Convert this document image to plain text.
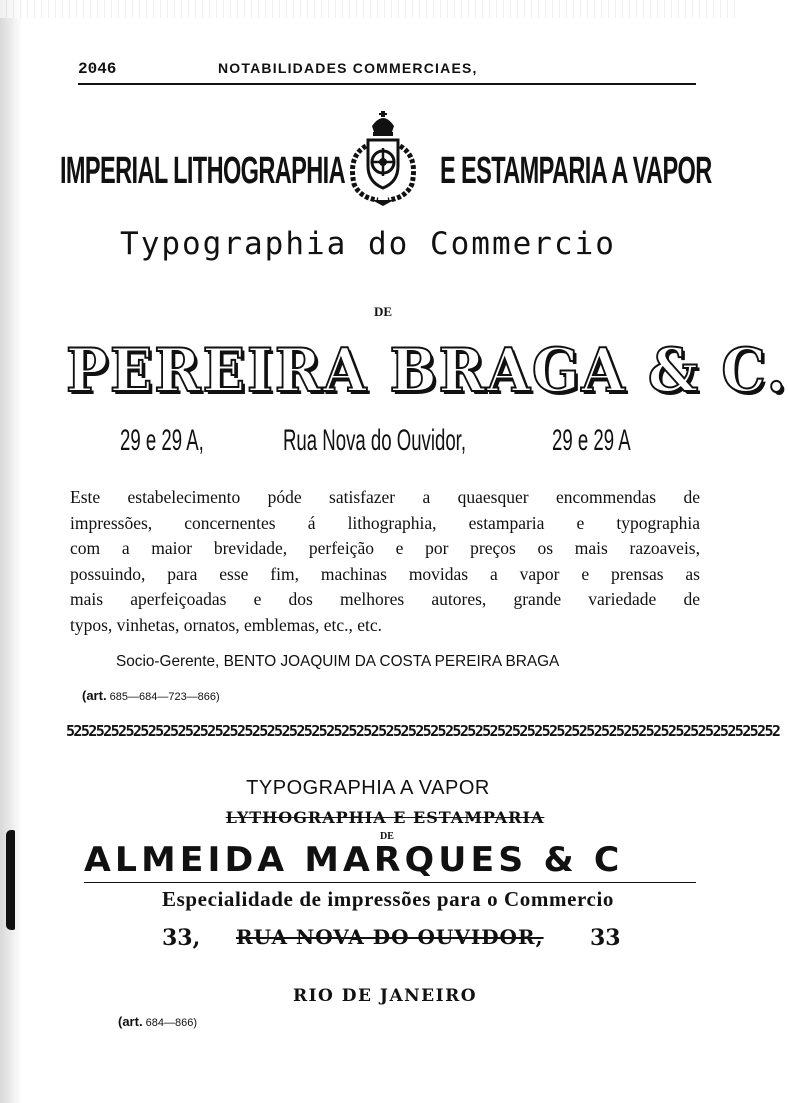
2046	NOTABILIDADES COMMERCIAES,
IMPERIAL LITHOGRAPHIA	E ESTAMPARIA A VAPOR
Typographia do Commercio
DE
PEREIRA BRAGA & C.
29 e 29 A,	Rua Nova do Ouvidor,	29 e 29 A
Este estabelecimento póde satisfazer a quaesquer encommendas de
impressões, concernentes á lithographia, estamparia e typographia
com a maior brevidade, perfeição e por preços os mais razoaveis,
possuindo, para esse fim, machinas movidas a vapor e prensas as
mais aperfeiçoadas e dos melhores autores, grande variedade de
typos, vinhetas, ornatos, emblemas, etc., etc.
Socio-Gerente, BENTO JOAQUIM DA COSTA PEREIRA BRAGA
(art. 685—684—723—866)
525252525252525252525252525252525252525252525252525252525252525252525252525252525252525252525252
TYPOGRAPHIA A VAPOR
LYTHOGRAPHIA E ESTAMPARIA
DE
ALMEIDA MARQUES & C
Especialidade de impressões para o Commercio
33, RUA NOVA DO OUVIDOR, 33
RIO DE JANEIRO
(art. 684—866)
